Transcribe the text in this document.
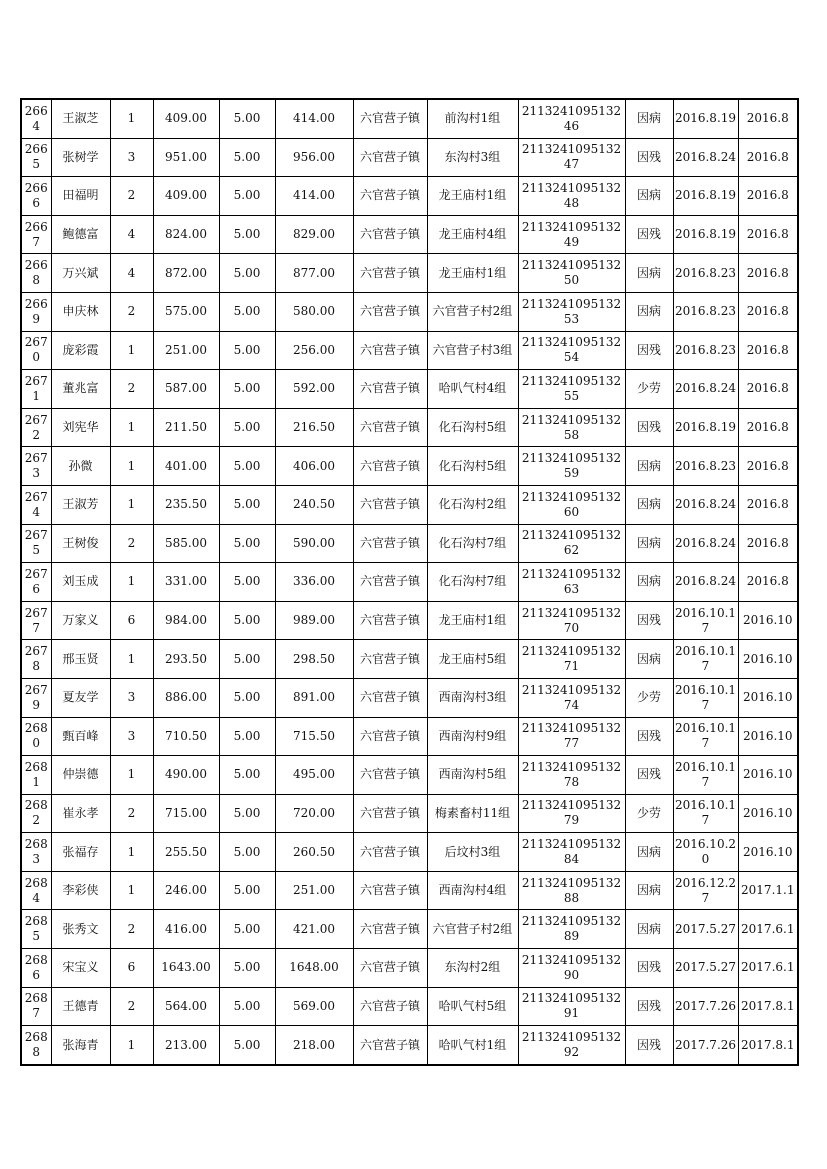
2664	王淑芝	1	409.00	5.00	414.00	六官营子镇	前沟村1组	211324109513246	因病	2016.8.19	2016.8
2665	张树学	3	951.00	5.00	956.00	六官营子镇	东沟村3组	211324109513247	因残	2016.8.24	2016.8
2666	田福明	2	409.00	5.00	414.00	六官营子镇	龙王庙村1组	211324109513248	因病	2016.8.19	2016.8
2667	鲍德富	4	824.00	5.00	829.00	六官营子镇	龙王庙村4组	211324109513249	因残	2016.8.19	2016.8
2668	万兴斌	4	872.00	5.00	877.00	六官营子镇	龙王庙村1组	211324109513250	因病	2016.8.23	2016.8
2669	申庆林	2	575.00	5.00	580.00	六官营子镇	六官营子村2组	211324109513253	因病	2016.8.23	2016.8
2670	庞彩霞	1	251.00	5.00	256.00	六官营子镇	六官营子村3组	211324109513254	因残	2016.8.23	2016.8
2671	董兆富	2	587.00	5.00	592.00	六官营子镇	哈叭气村4组	211324109513255	少劳	2016.8.24	2016.8
2672	刘宪华	1	211.50	5.00	216.50	六官营子镇	化石沟村5组	211324109513258	因残	2016.8.19	2016.8
2673	孙微	1	401.00	5.00	406.00	六官营子镇	化石沟村5组	211324109513259	因病	2016.8.23	2016.8
2674	王淑芳	1	235.50	5.00	240.50	六官营子镇	化石沟村2组	211324109513260	因病	2016.8.24	2016.8
2675	王树俊	2	585.00	5.00	590.00	六官营子镇	化石沟村7组	211324109513262	因病	2016.8.24	2016.8
2676	刘玉成	1	331.00	5.00	336.00	六官营子镇	化石沟村7组	211324109513263	因病	2016.8.24	2016.8
2677	万家义	6	984.00	5.00	989.00	六官营子镇	龙王庙村1组	211324109513270	因残	2016.10.17	2016.10
2678	邢玉贤	1	293.50	5.00	298.50	六官营子镇	龙王庙村5组	211324109513271	因病	2016.10.17	2016.10
2679	夏友学	3	886.00	5.00	891.00	六官营子镇	西南沟村3组	211324109513274	少劳	2016.10.17	2016.10
2680	甄百峰	3	710.50	5.00	715.50	六官营子镇	西南沟村9组	211324109513277	因残	2016.10.17	2016.10
2681	仲崇德	1	490.00	5.00	495.00	六官营子镇	西南沟村5组	211324109513278	因残	2016.10.17	2016.10
2682	崔永孝	2	715.00	5.00	720.00	六官营子镇	梅素畜村11组	211324109513279	少劳	2016.10.17	2016.10
2683	张福存	1	255.50	5.00	260.50	六官营子镇	后坟村3组	211324109513284	因病	2016.10.20	2016.10
2684	李彩侠	1	246.00	5.00	251.00	六官营子镇	西南沟村4组	211324109513288	因病	2016.12.27	2017.1.1
2685	张秀文	2	416.00	5.00	421.00	六官营子镇	六官营子村2组	211324109513289	因病	2017.5.27	2017.6.1
2686	宋宝义	6	1643.00	5.00	1648.00	六官营子镇	东沟村2组	211324109513290	因残	2017.5.27	2017.6.1
2687	王德青	2	564.00	5.00	569.00	六官营子镇	哈叭气村5组	211324109513291	因残	2017.7.26	2017.8.1
2688	张海青	1	213.00	5.00	218.00	六官营子镇	哈叭气村1组	211324109513292	因残	2017.7.26	2017.8.1
